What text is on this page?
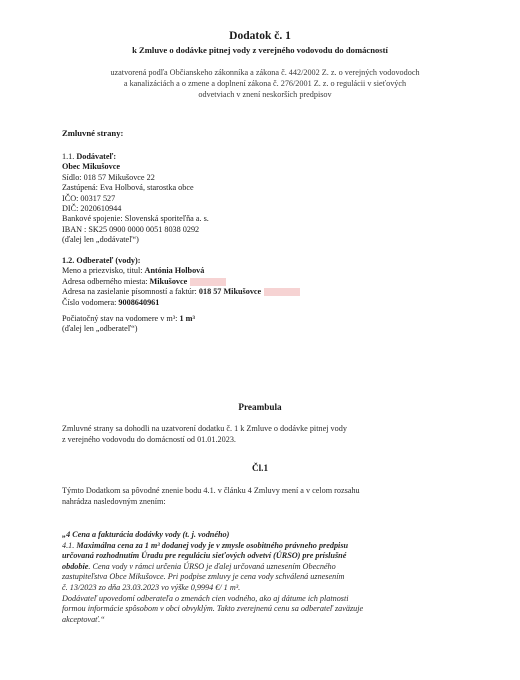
Dodatok č. 1
k Zmluve o dodávke pitnej vody z verejného vodovodu do domácností
uzatvorená podľa Občianskeho zákonníka a zákona č. 442/2002 Z. z. o verejných vodovodoch
a kanalizáciách a o zmene a doplnení zákona č. 276/2001 Z. z. o regulácii v sieťových
odvetviach v znení neskorších predpisov
Zmluvné strany:
1.1. Dodávateľ:
Obec Mikušovce
Sídlo: 018 57 Mikušovce 22
Zastúpená: Eva Holbová, starostka obce
IČO: 00317 527
DIČ: 2020610944
Bankové spojenie: Slovenská sporiteľňa a. s.
IBAN : SK25 0900 0000 0051 8038 0292
(ďalej len „dodávateľ“)
1.2. Odberateľ (vody):
Meno a priezvisko, titul: Antónia Holbová
Adresa odberného miesta: Mikušovce
Adresa na zasielanie písomností a faktúr: 018 57 Mikušovce
Číslo vodomera: 9008640961
Počiatočný stav na vodomere v m³: 1 m³
(ďalej len „odberateľ“)
Preambula
Zmluvné strany sa dohodli na uzatvorení dodatku č. 1 k Zmluve o dodávke pitnej vody
z verejného vodovodu do domácností od 01.01.2023.
Čl.1
Týmto Dodatkom sa pôvodné znenie bodu 4.1. v článku 4 Zmluvy mení a v celom rozsahu
nahrádza nasledovným znením:
„4 Cena a fakturácia dodávky vody (t. j. vodného)
4.1. Maximálna cena za 1 m³ dodanej vody je v zmysle osobitného právneho predpisu
určovaná rozhodnutím Úradu pre reguláciu sieťových odvetví (ÚRSO) pre príslušné
obdobie. Cena vody v rámci určenia ÚRSO je ďalej určovaná uznesením Obecného
zastupiteľstva Obce Mikušovce. Pri podpise zmluvy je cena vody schválená uznesením
č. 13/2023 zo dňa 23.03.2023 vo výške 0,9994 €/ 1 m³.
Dodávateľ upovedomí odberateľa o zmenách cien vodného, ako aj dátume ich platnosti
formou informácie spôsobom v obci obvyklým. Takto zverejnenú cenu sa odberateľ zaväzuje
akceptovať.“
